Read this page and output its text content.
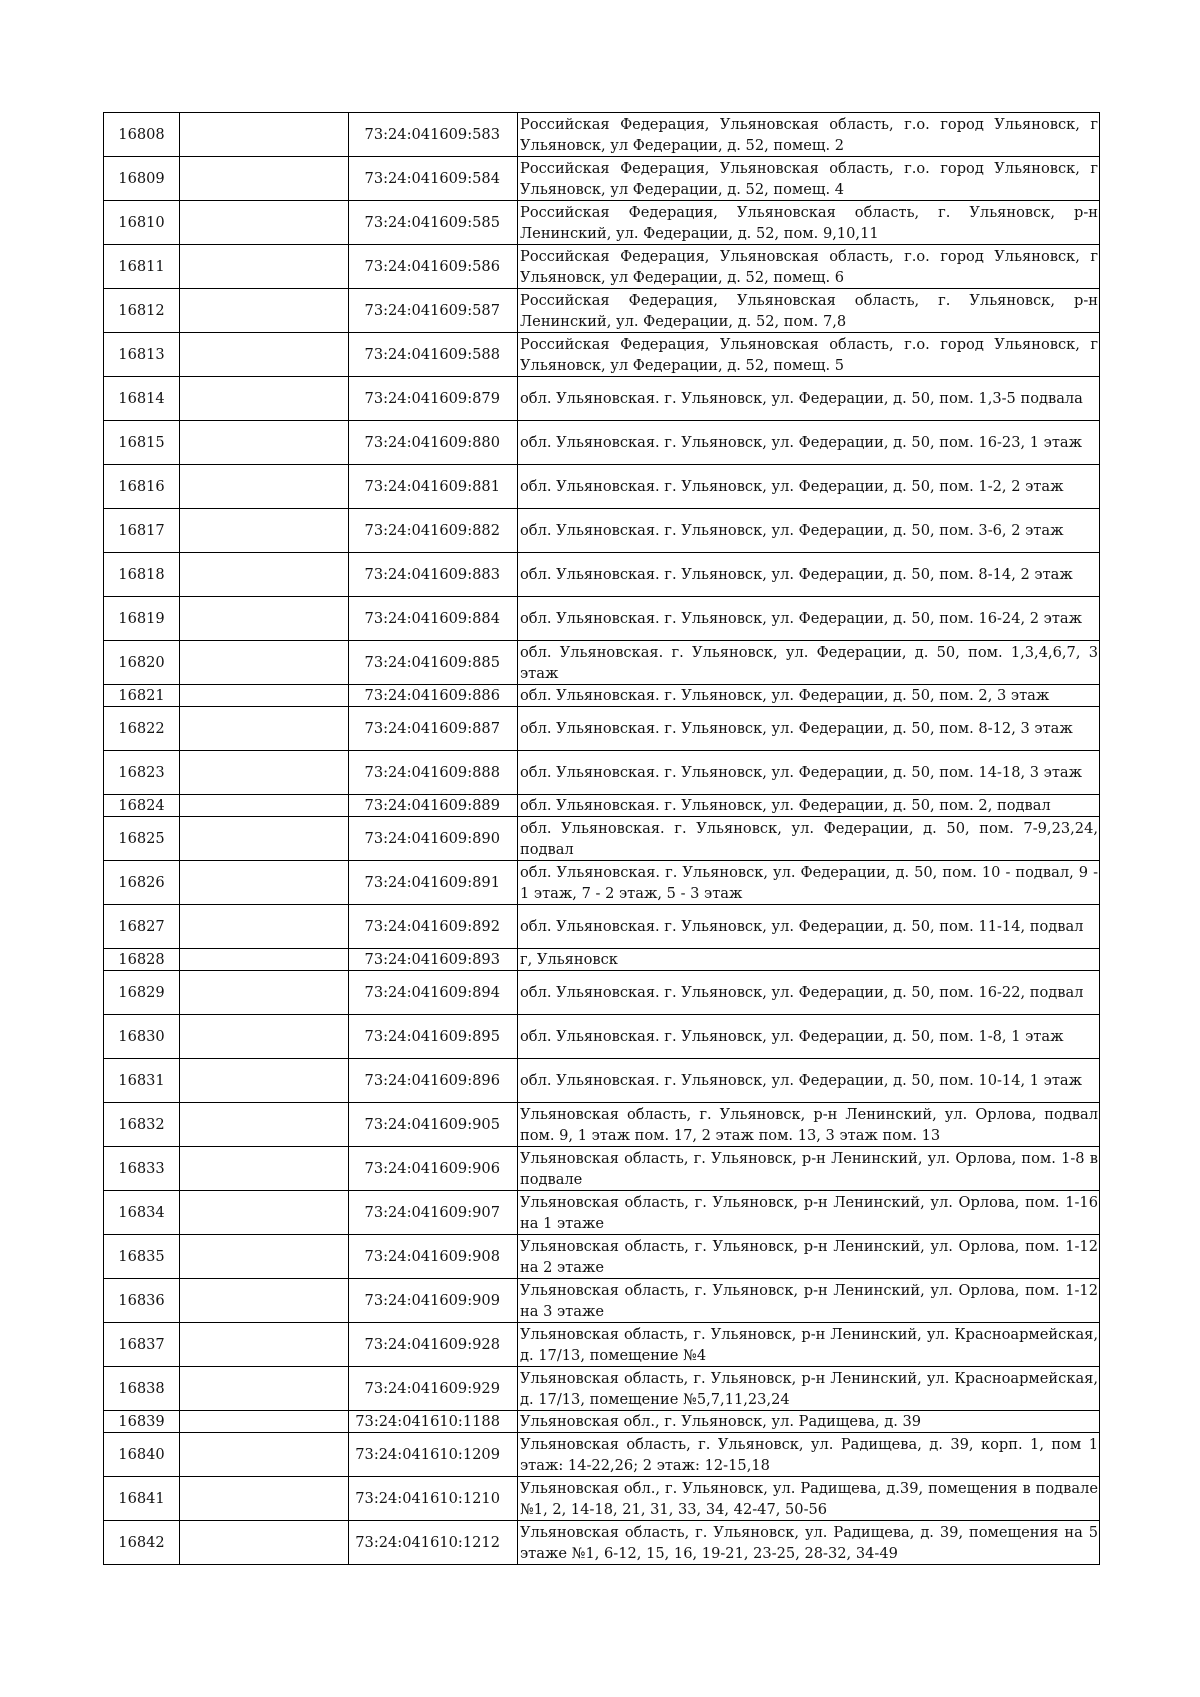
16808		73:24:041609:583	Российская Федерация, Ульяновская область, г.о. город Ульяновск, г Ульяновск, ул Федерации, д. 52, помещ. 2
16809		73:24:041609:584	Российская Федерация, Ульяновская область, г.о. город Ульяновск, г Ульяновск, ул Федерации, д. 52, помещ. 4
16810		73:24:041609:585	Российская Федерация, Ульяновская область, г. Ульяновск, р-н Ленинский, ул. Федерации, д. 52, пом. 9,10,11
16811		73:24:041609:586	Российская Федерация, Ульяновская область, г.о. город Ульяновск, г Ульяновск, ул Федерации, д. 52, помещ. 6
16812		73:24:041609:587	Российская Федерация, Ульяновская область, г. Ульяновск, р-н Ленинский, ул. Федерации, д. 52, пом. 7,8
16813		73:24:041609:588	Российская Федерация, Ульяновская область, г.о. город Ульяновск, г Ульяновск, ул Федерации, д. 52, помещ. 5
16814		73:24:041609:879	обл. Ульяновская. г. Ульяновск, ул. Федерации, д. 50, пом. 1,3-5 подвала
16815		73:24:041609:880	обл. Ульяновская. г. Ульяновск, ул. Федерации, д. 50, пом. 16-23, 1 этаж
16816		73:24:041609:881	обл. Ульяновская. г. Ульяновск, ул. Федерации, д. 50, пом. 1-2, 2 этаж
16817		73:24:041609:882	обл. Ульяновская. г. Ульяновск, ул. Федерации, д. 50, пом. 3-6, 2 этаж
16818		73:24:041609:883	обл. Ульяновская. г. Ульяновск, ул. Федерации, д. 50, пом. 8-14, 2 этаж
16819		73:24:041609:884	обл. Ульяновская. г. Ульяновск, ул. Федерации, д. 50, пом. 16-24, 2 этаж
16820		73:24:041609:885	обл. Ульяновская. г. Ульяновск, ул. Федерации, д. 50, пом. 1,3,4,6,7, 3 этаж
16821		73:24:041609:886	обл. Ульяновская. г. Ульяновск, ул. Федерации, д. 50, пом. 2, 3 этаж
16822		73:24:041609:887	обл. Ульяновская. г. Ульяновск, ул. Федерации, д. 50, пом. 8-12, 3 этаж
16823		73:24:041609:888	обл. Ульяновская. г. Ульяновск, ул. Федерации, д. 50, пом. 14-18, 3 этаж
16824		73:24:041609:889	обл. Ульяновская. г. Ульяновск, ул. Федерации, д. 50, пом. 2, подвал
16825		73:24:041609:890	обл. Ульяновская. г. Ульяновск, ул. Федерации, д. 50, пом. 7-9,23,24, подвал
16826		73:24:041609:891	обл. Ульяновская. г. Ульяновск, ул. Федерации, д. 50, пом. 10 - подвал, 9 - 1 этаж, 7 - 2 этаж, 5 - 3 этаж
16827		73:24:041609:892	обл. Ульяновская. г. Ульяновск, ул. Федерации, д. 50, пом. 11-14, подвал
16828		73:24:041609:893	г, Ульяновск
16829		73:24:041609:894	обл. Ульяновская. г. Ульяновск, ул. Федерации, д. 50, пом. 16-22, подвал
16830		73:24:041609:895	обл. Ульяновская. г. Ульяновск, ул. Федерации, д. 50, пом. 1-8, 1 этаж
16831		73:24:041609:896	обл. Ульяновская. г. Ульяновск, ул. Федерации, д. 50, пом. 10-14, 1 этаж
16832		73:24:041609:905	Ульяновская область, г. Ульяновск, р-н Ленинский, ул. Орлова, подвал пом. 9, 1 этаж пом. 17, 2 этаж пом. 13, 3 этаж пом. 13
16833		73:24:041609:906	Ульяновская область, г. Ульяновск, р-н Ленинский, ул. Орлова, пом. 1-8 в подвале
16834		73:24:041609:907	Ульяновская область, г. Ульяновск, р-н Ленинский, ул. Орлова, пом. 1-16 на 1 этаже
16835		73:24:041609:908	Ульяновская область, г. Ульяновск, р-н Ленинский, ул. Орлова, пом. 1-12 на 2 этаже
16836		73:24:041609:909	Ульяновская область, г. Ульяновск, р-н Ленинский, ул. Орлова, пом. 1-12 на 3 этаже
16837		73:24:041609:928	Ульяновская область, г. Ульяновск, р-н Ленинский, ул. Красноармейская, д. 17/13, помещение №4
16838		73:24:041609:929	Ульяновская область, г. Ульяновск, р-н Ленинский, ул. Красноармейская, д. 17/13, помещение №5,7,11,23,24
16839		73:24:041610:1188	Ульяновская обл., г. Ульяновск, ул. Радищева, д. 39
16840		73:24:041610:1209	Ульяновская область, г. Ульяновск, ул. Радищева, д. 39, корп. 1, пом 1 этаж: 14-22,26; 2 этаж: 12-15,18
16841		73:24:041610:1210	Ульяновская обл., г. Ульяновск, ул. Радищева, д.39, помещения в подвале №1, 2, 14-18, 21, 31, 33, 34, 42-47, 50-56
16842		73:24:041610:1212	Ульяновская область, г. Ульяновск, ул. Радищева, д. 39, помещения на 5 этаже №1, 6-12, 15, 16, 19-21, 23-25, 28-32, 34-49
